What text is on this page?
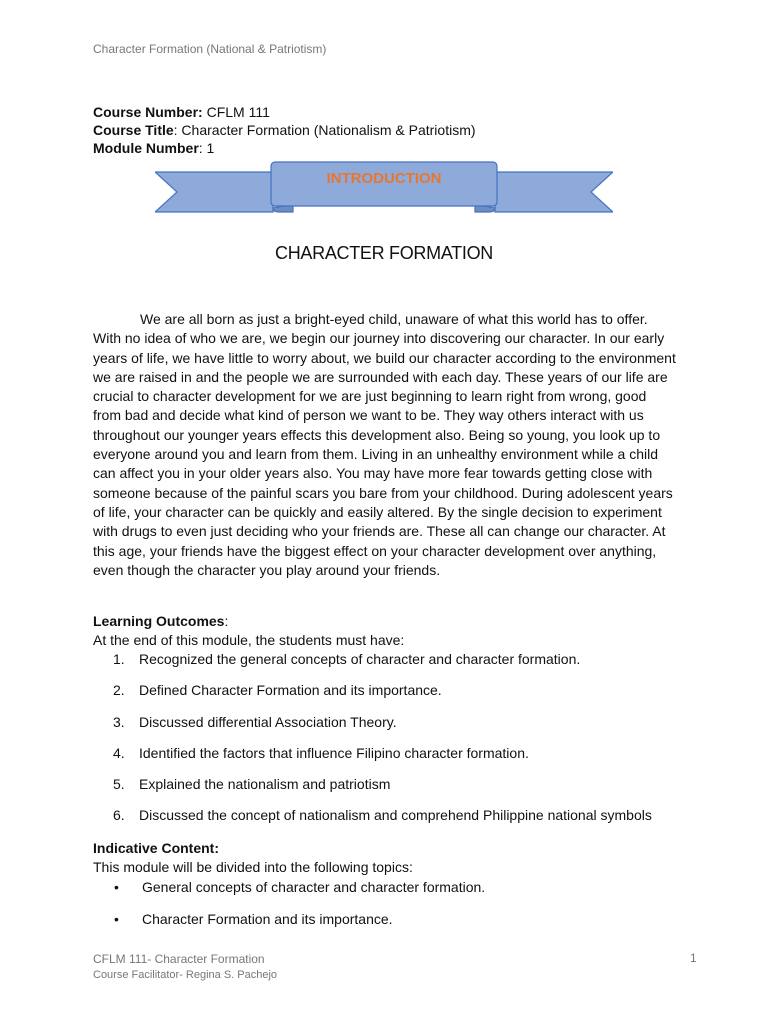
Character Formation (National & Patriotism)
Course Number: CFLM 111
Course Title: Character Formation (Nationalism & Patriotism)
Module Number: 1
INTRODUCTION
CHARACTER FORMATION

We are all born as just a bright-eyed child, unaware of what this world has to offer. With no idea of who we are, we begin our journey into discovering our character. In our early years of life, we have little to worry about, we build our character according to the environment we are raised in and the people we are surrounded with each day. These years of our life are crucial to character development for we are just beginning to learn right from wrong, good from bad and decide what kind of person we want to be. They way others interact with us throughout our younger years effects this development also. Being so young, you look up to everyone around you and learn from them. Living in an unhealthy environment while a child can affect you in your older years also. You may have more fear towards getting close with someone because of the painful scars you bare from your childhood. During adolescent years of life, your character can be quickly and easily altered. By the single decision to experiment with drugs to even just deciding who your friends are. These all can change our character. At this age, your friends have the biggest effect on your character development over anything, even though the character you play around your friends.

Learning Outcomes:
At the end of this module, the students must have:
1.	Recognized the general concepts of character and character formation.
2.	Defined Character Formation and its importance.
3.	Discussed differential Association Theory.
4.	Identified the factors that influence Filipino character formation.
5.	Explained the nationalism and patriotism
6.	Discussed the concept of nationalism and comprehend Philippine national symbols
Indicative Content:
This module will be divided into the following topics:
•	General concepts of character and character formation.
•	Character Formation and its importance.
CFLM 111- Character Formation
Course Facilitator- Regina S. Pachejo
1
